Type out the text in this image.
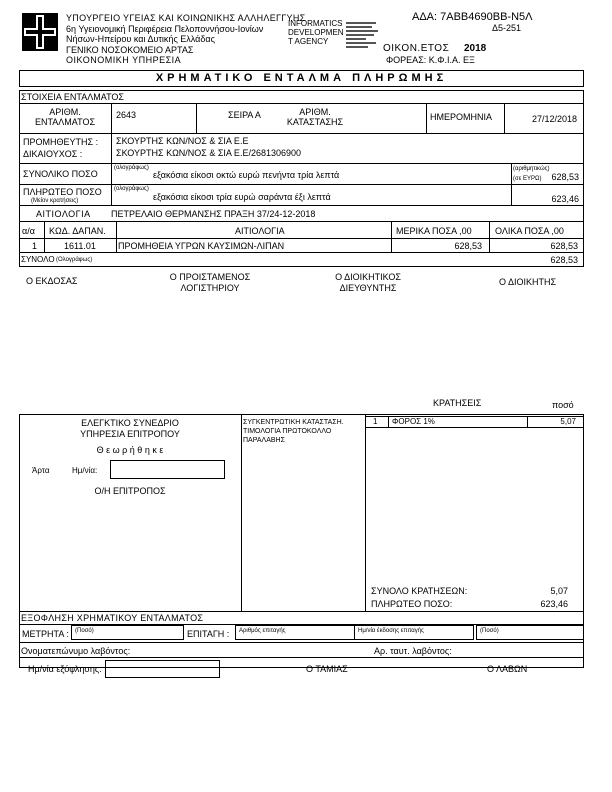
ΥΠΟΥΡΓΕΙΟ ΥΓΕΙΑΣ ΚΑΙ ΚΟΙΝΩΝΙΚΗΣ ΑΛΛΗΛΕΓΓΥΗΣ
6η Υγειονομική Περιφέρεια Πελοποννήσου-Ιονίων
Νήσων-Ηπείρου και Δυτικής Ελλάδας
ΓΕΝΙΚΟ ΝΟΣΟΚΟΜΕΙΟ ΑΡΤΑΣ
ΟΙΚΟΝΟΜΙΚΗ ΥΠΗΡΕΣΙΑ
INFORMATICS
DEVELOPMEN
T AGENCY
ΑΔΑ: 7ΑΒΒ4690ΒΒ-Ν5Λ
Δ5-251
ΟΙΚΟΝ.ΕΤΟΣ 2018
ΦΟΡΕΑΣ: Κ.Φ.Ι.Α. ΕΞ
ΧΡΗΜΑΤΙΚΟ ΕΝΤΑΛΜΑ ΠΛΗΡΩΜΗΣ
ΣΤΟΙΧΕΙΑ ΕΝΤΑΛΜΑΤΟΣ
ΑΡΙΘΜ. ΕΝΤΑΛΜΑΤΟΣ
2643	ΣΕΙΡΑ Α	ΑΡΙΘΜ. ΚΑΤΑΣΤΑΣΗΣ	ΗΜΕΡΟΜΗΝΙΑ	27/12/2018
ΠΡΟΜΗΘΕΥΤΗΣ :
ΔΙΚΑΙΟΥΧΟΣ :
ΣΚΟΥΡΤΗΣ ΚΩΝ/ΝΟΣ & ΣΙΑ Ε.Ε
ΣΚΟΥΡΤΗΣ ΚΩΝ/ΝΟΣ & ΣΙΑ Ε.Ε/2681306900
ΣΥΝΟΛΙΚΟ ΠΟΣΟ
(ολογράφως)
εξακόσια είκοσι οκτώ ευρώ πενήντα τρία λεπτά
(αριθμητικώς)
(σε ΕΥΡΩ)	628,53
ΠΛΗΡΩΤΕΟ ΠΟΣΟ
(Μείον κρατήσεις)
(ολογράφως)
εξακόσια είκοσι τρία ευρώ σαράντα έξι λεπτά	623,46
ΑΙΤΙΟΛΟΓΙΑ ΠΕΤΡΕΛΑΙΟ ΘΕΡΜΑΝΣΗΣ ΠΡΑΞΗ 37/24-12-2018
α/α ΚΩΔ. ΔΑΠΑΝ.	ΑΙΤΙΟΛΟΓΙΑ	ΜΕΡΙΚΑ ΠΟΣΑ ,00	ΟΛΙΚΑ ΠΟΣΑ ,00
1	1611.01 ΠΡΟΜΗΘΕΙΑ ΥΓΡΩΝ ΚΑΥΣΙΜΩΝ-ΛΙΠΑΝ	628,53	628,53
ΣΥΝΟΛΟ (Ολογράφως)	628,53
Ο ΕΚΔΟΣΑΣ	Ο ΠΡΟΙΣΤΑΜΕΝΟΣ
ΛΟΓΙΣΤΗΡΙΟΥ
Ο ΔΙΟΙΚΗΤΙΚΟΣ
ΔΙΕΥΘΥΝΤΗΣ
Ο ΔΙΟΙΚΗΤΗΣ
ΚΡΑΤΗΣΕΙΣ	ποσό
1 ΦΟΡΟΣ 1%	5,07
ΣΥΝΟΛΟ ΚΡΑΤΗΣΕΩΝ:	5,07
ΠΛΗΡΩΤΕΟ ΠΟΣΟ:	623,46
ΕΛΕΓΚΤΙΚΟ ΣΥΝΕΔΡΙΟ
ΥΠΗΡΕΣΙΑ ΕΠΙΤΡΟΠΟΥ
Θ ε ω ρ ή θ η κ ε
Άρτα	Ημ/νία:
Ο/Η ΕΠΙΤΡΟΠΟΣ
ΣΥΓΚΕΝΤΡΩΤΙΚΗ ΚΑΤΑΣΤΑΣΗ.
ΤΙΜΟΛΟΓΙΑ ΠΡΩΤΟΚΟΛΛΟ
ΠΑΡΑΛΑΒΗΣ
ΕΞΟΦΛΗΣΗ ΧΡΗΜΑΤΙΚΟΥ ΕΝΤΑΛΜΑΤΟΣ
ΜΕΤΡΗΤΑ : (Ποσό)	ΕΠΙΤΑΓΗ : Αριθμός επιταγής	Ημ/νία έκδοσης επιταγής	(Ποσό)
Ονοματεπώνυμο λαβόντος:	Αρ. ταυτ. λαβόντος:
Ημ/νία εξόφλησης:	Ο ΤΑΜΙΑΣ	Ο ΛΑΒΩΝ
